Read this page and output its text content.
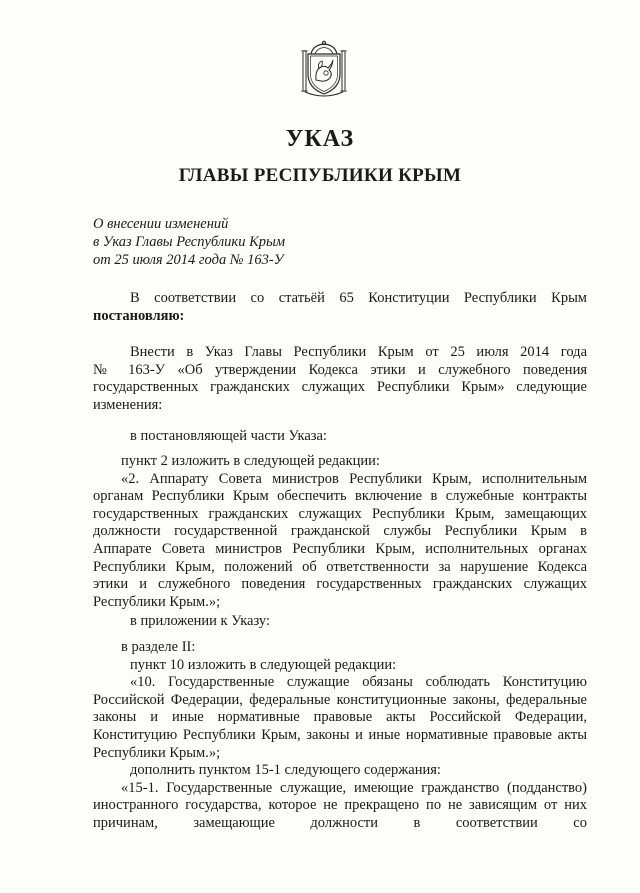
УКАЗ
ГЛАВЫ РЕСПУБЛИКИ КРЫМ
О внесении изменений
в Указ Главы Республики Крым
от 25 июля 2014 года № 163-У
В соответствии со статьёй 65 Конституции Республики Крым
постановляю:
Внести в Указ Главы Республики Крым от 25 июля 2014 года
№ 163-У «Об утверждении Кодекса этики и служебного поведения
государственных гражданских служащих Республики Крым» следующие
изменения:
в постановляющей части Указа:
пункт 2 изложить в следующей редакции:
«2. Аппарату Совета министров Республики Крым, исполнительным
органам Республики Крым обеспечить включение в служебные контракты
государственных гражданских служащих Республики Крым, замещающих
должности государственной гражданской службы Республики Крым в
Аппарате Совета министров Республики Крым, исполнительных органах
Республики Крым, положений об ответственности за нарушение Кодекса
этики и служебного поведения государственных гражданских служащих
Республики Крым.»;
в приложении к Указу:
в разделе II:
пункт 10 изложить в следующей редакции:
«10. Государственные служащие обязаны соблюдать Конституцию
Российской Федерации, федеральные конституционные законы, федеральные
законы и иные нормативные правовые акты Российской Федерации,
Конституцию Республики Крым, законы и иные нормативные правовые акты
Республики Крым.»;
дополнить пунктом 15-1 следующего содержания:
«15-1. Государственные служащие, имеющие гражданство (подданство)
иностранного государства, которое не прекращено по не зависящим от них
причинам, замещающие должности в соответствии со
